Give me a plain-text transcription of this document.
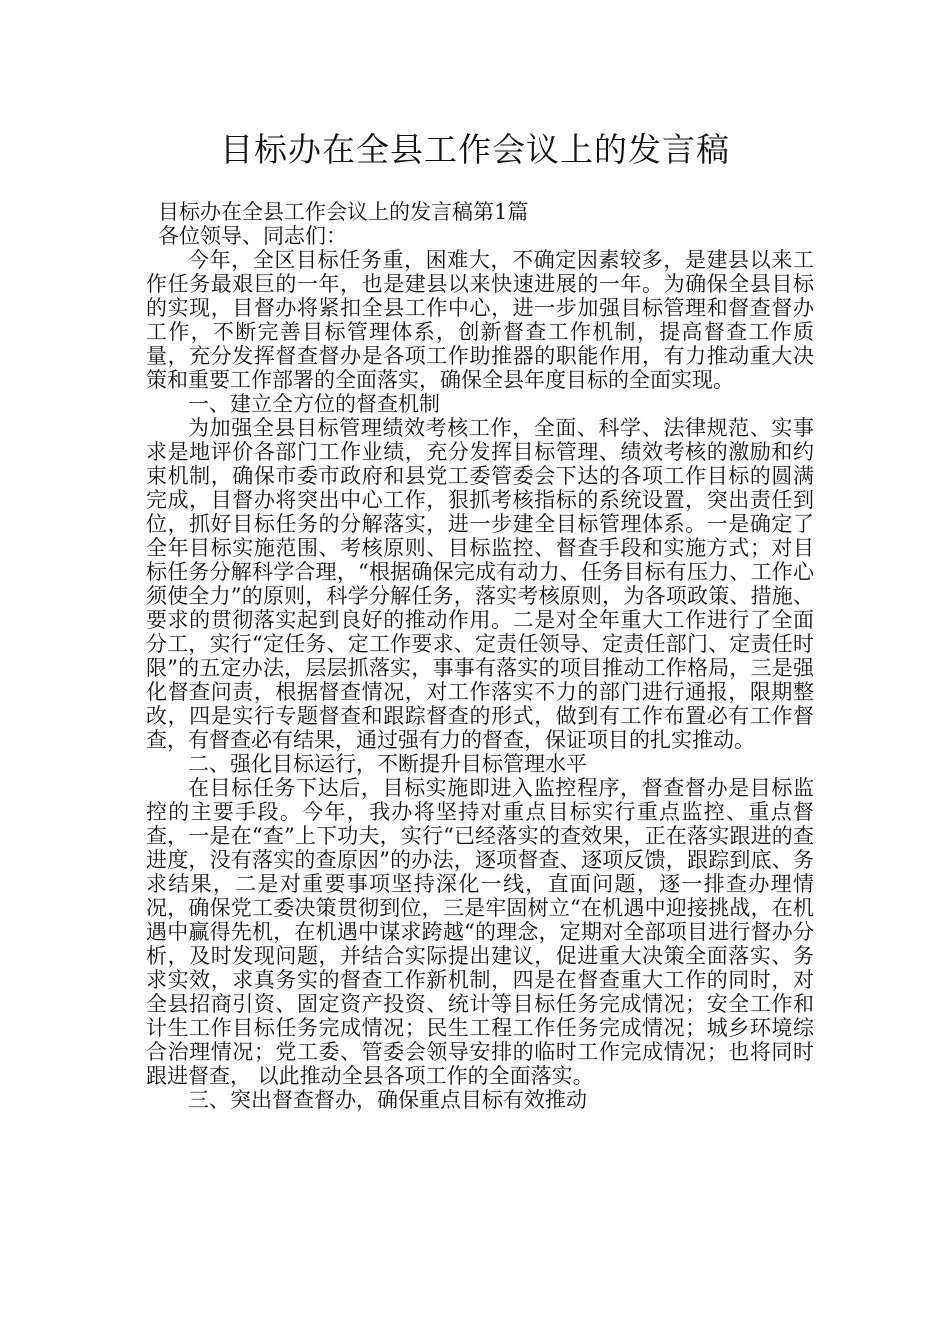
目标办在全县工作会议上的发言稿

目标办在全县工作会议上的发言稿第1篇

各位领导、同志们：

今年，全区目标任务重，困难大，不确定因素较多，是建县以来工作任务最艰巨的一年，也是建县以来快速进展的一年。为确保全县目标的实现，目督办将紧扣全县工作中心，进一步加强目标管理和督查督办工作，不断完善目标管理体系，创新督查工作机制，提高督查工作质量，充分发挥督查督办是各项工作助推器的职能作用，有力推动重大决策和重要工作部署的全面落实，确保全县年度目标的全面实现。

一、建立全方位的督查机制

为加强全县目标管理绩效考核工作，全面、科学、法律规范、实事求是地评价各部门工作业绩，充分发挥目标管理、绩效考核的激励和约束机制，确保市委市政府和县党工委管委会下达的各项工作目标的圆满完成，目督办将突出中心工作，狠抓考核指标的系统设置，突出责任到位，抓好目标任务的分解落实，进一步建全目标管理体系。一是确定了全年目标实施范围、考核原则、目标监控、督查手段和实施方式；对目标任务分解科学合理，“根据确保完成有动力、任务目标有压力、工作心须使全力”的原则，科学分解任务，落实考核原则，为各项政策、措施、要求的贯彻落实起到良好的推动作用。二是对全年重大工作进行了全面分工，实行“定任务、定工作要求、定责任领导、定责任部门、定责任时限”的五定办法，层层抓落实，事事有落实的项目推动工作格局，三是强化督查问责，根据督查情况，对工作落实不力的部门进行通报，限期整改，四是实行专题督查和跟踪督查的形式，做到有工作布置必有工作督查，有督查必有结果，通过强有力的督查，保证项目的扎实推动。

二、强化目标运行，不断提升目标管理水平

在目标任务下达后，目标实施即进入监控程序，督查督办是目标监控的主要手段。今年，我办将坚持对重点目标实行重点监控、重点督查，一是在“查”上下功夫，实行“已经落实的查效果，正在落实跟进的查进度，没有落实的查原因”的办法，逐项督查、逐项反馈，跟踪到底、务求结果，二是对重要事项坚持深化一线，直面问题，逐一排查办理情况，确保党工委决策贯彻到位，三是牢固树立“在机遇中迎接挑战，在机遇中赢得先机，在机遇中谋求跨越“的理念，定期对全部项目进行督办分析，及时发现问题，并结合实际提出建议，促进重大决策全面落实、务求实效，求真务实的督查工作新机制，四是在督查重大工作的同时，对全县招商引资、固定资产投资、统计等目标任务完成情况；安全工作和计生工作目标任务完成情况；民生工程工作任务完成情况；城乡环境综合治理情况；党工委、管委会领导安排的临时工作完成情况；也将同时跟进督查， 以此推动全县各项工作的全面落实。

三、突出督查督办，确保重点目标有效推动
